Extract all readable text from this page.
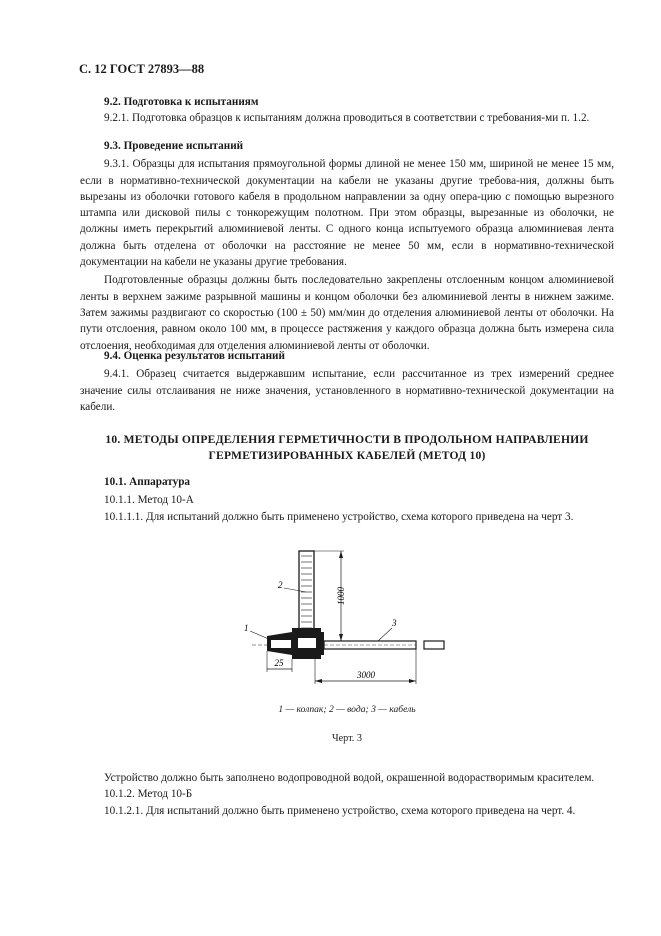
С. 12 ГОСТ 27893—88

9.2. Подготовка к испытаниям

9.2.1. Подготовка образцов к испытаниям должна проводиться в соответствии с требования-ми п. 1.2.

9.3. Проведение испытаний

9.3.1. Образцы для испытания прямоугольной формы длиной не менее 150 мм, шириной не менее 15 мм, если в нормативно-технической документации на кабели не указаны другие требова-ния, должны быть вырезаны из оболочки готового кабеля в продольном направлении за одну опера-цию с помощью вырезного штампа или дисковой пилы с тонкорежущим полотном. При этом образцы, вырезанные из оболочки, не должны иметь перекрытий алюминиевой ленты. С одного конца испытуемого образца алюминиевая лента должна быть отделена от оболочки на расстояние не менее 50 мм, если в нормативно-технической документации на кабели не указаны другие требования.

Подготовленные образцы должны быть последовательно закреплены отслоенным концом алюминиевой ленты в верхнем зажиме разрывной машины и концом оболочки без алюминиевой ленты в нижнем зажиме. Затем зажимы раздвигают со скоростью (100 ± 50) мм/мин до отделения алюминиевой ленты от оболочки. На пути отслоения, равном около 100 мм, в процессе растяжения у каждого образца должна быть измерена сила отслоения, необходимая для отделения алюминиевой ленты от оболочки.

9.4. Оценка результатов испытаний

9.4.1. Образец считается выдержавшим испытание, если рассчитанное из трех измерений среднее значение силы отслаивания не ниже значения, установленного в нормативно-технической документации на кабели.

10. МЕТОДЫ ОПРЕДЕЛЕНИЯ ГЕРМЕТИЧНОСТИ В ПРОДОЛЬНОМ НАПРАВЛЕНИИ
ГЕРМЕТИЗИРОВАННЫХ КАБЕЛЕЙ (МЕТОД 10)

10.1. Аппаратура

10.1.1. Метод 10-А

10.1.1.1. Для испытаний должно быть применено устройство, схема которого приведена на черт 3.

1000
25
3000
1
2
3
1 — колпак; 2 — вода; 3 — кабель
Черт. 3

Устройство должно быть заполнено водопроводной водой, окрашенной водорастворимым красителем.

10.1.2. Метод 10-Б

10.1.2.1. Для испытаний должно быть применено устройство, схема которого приведена на черт. 4.
